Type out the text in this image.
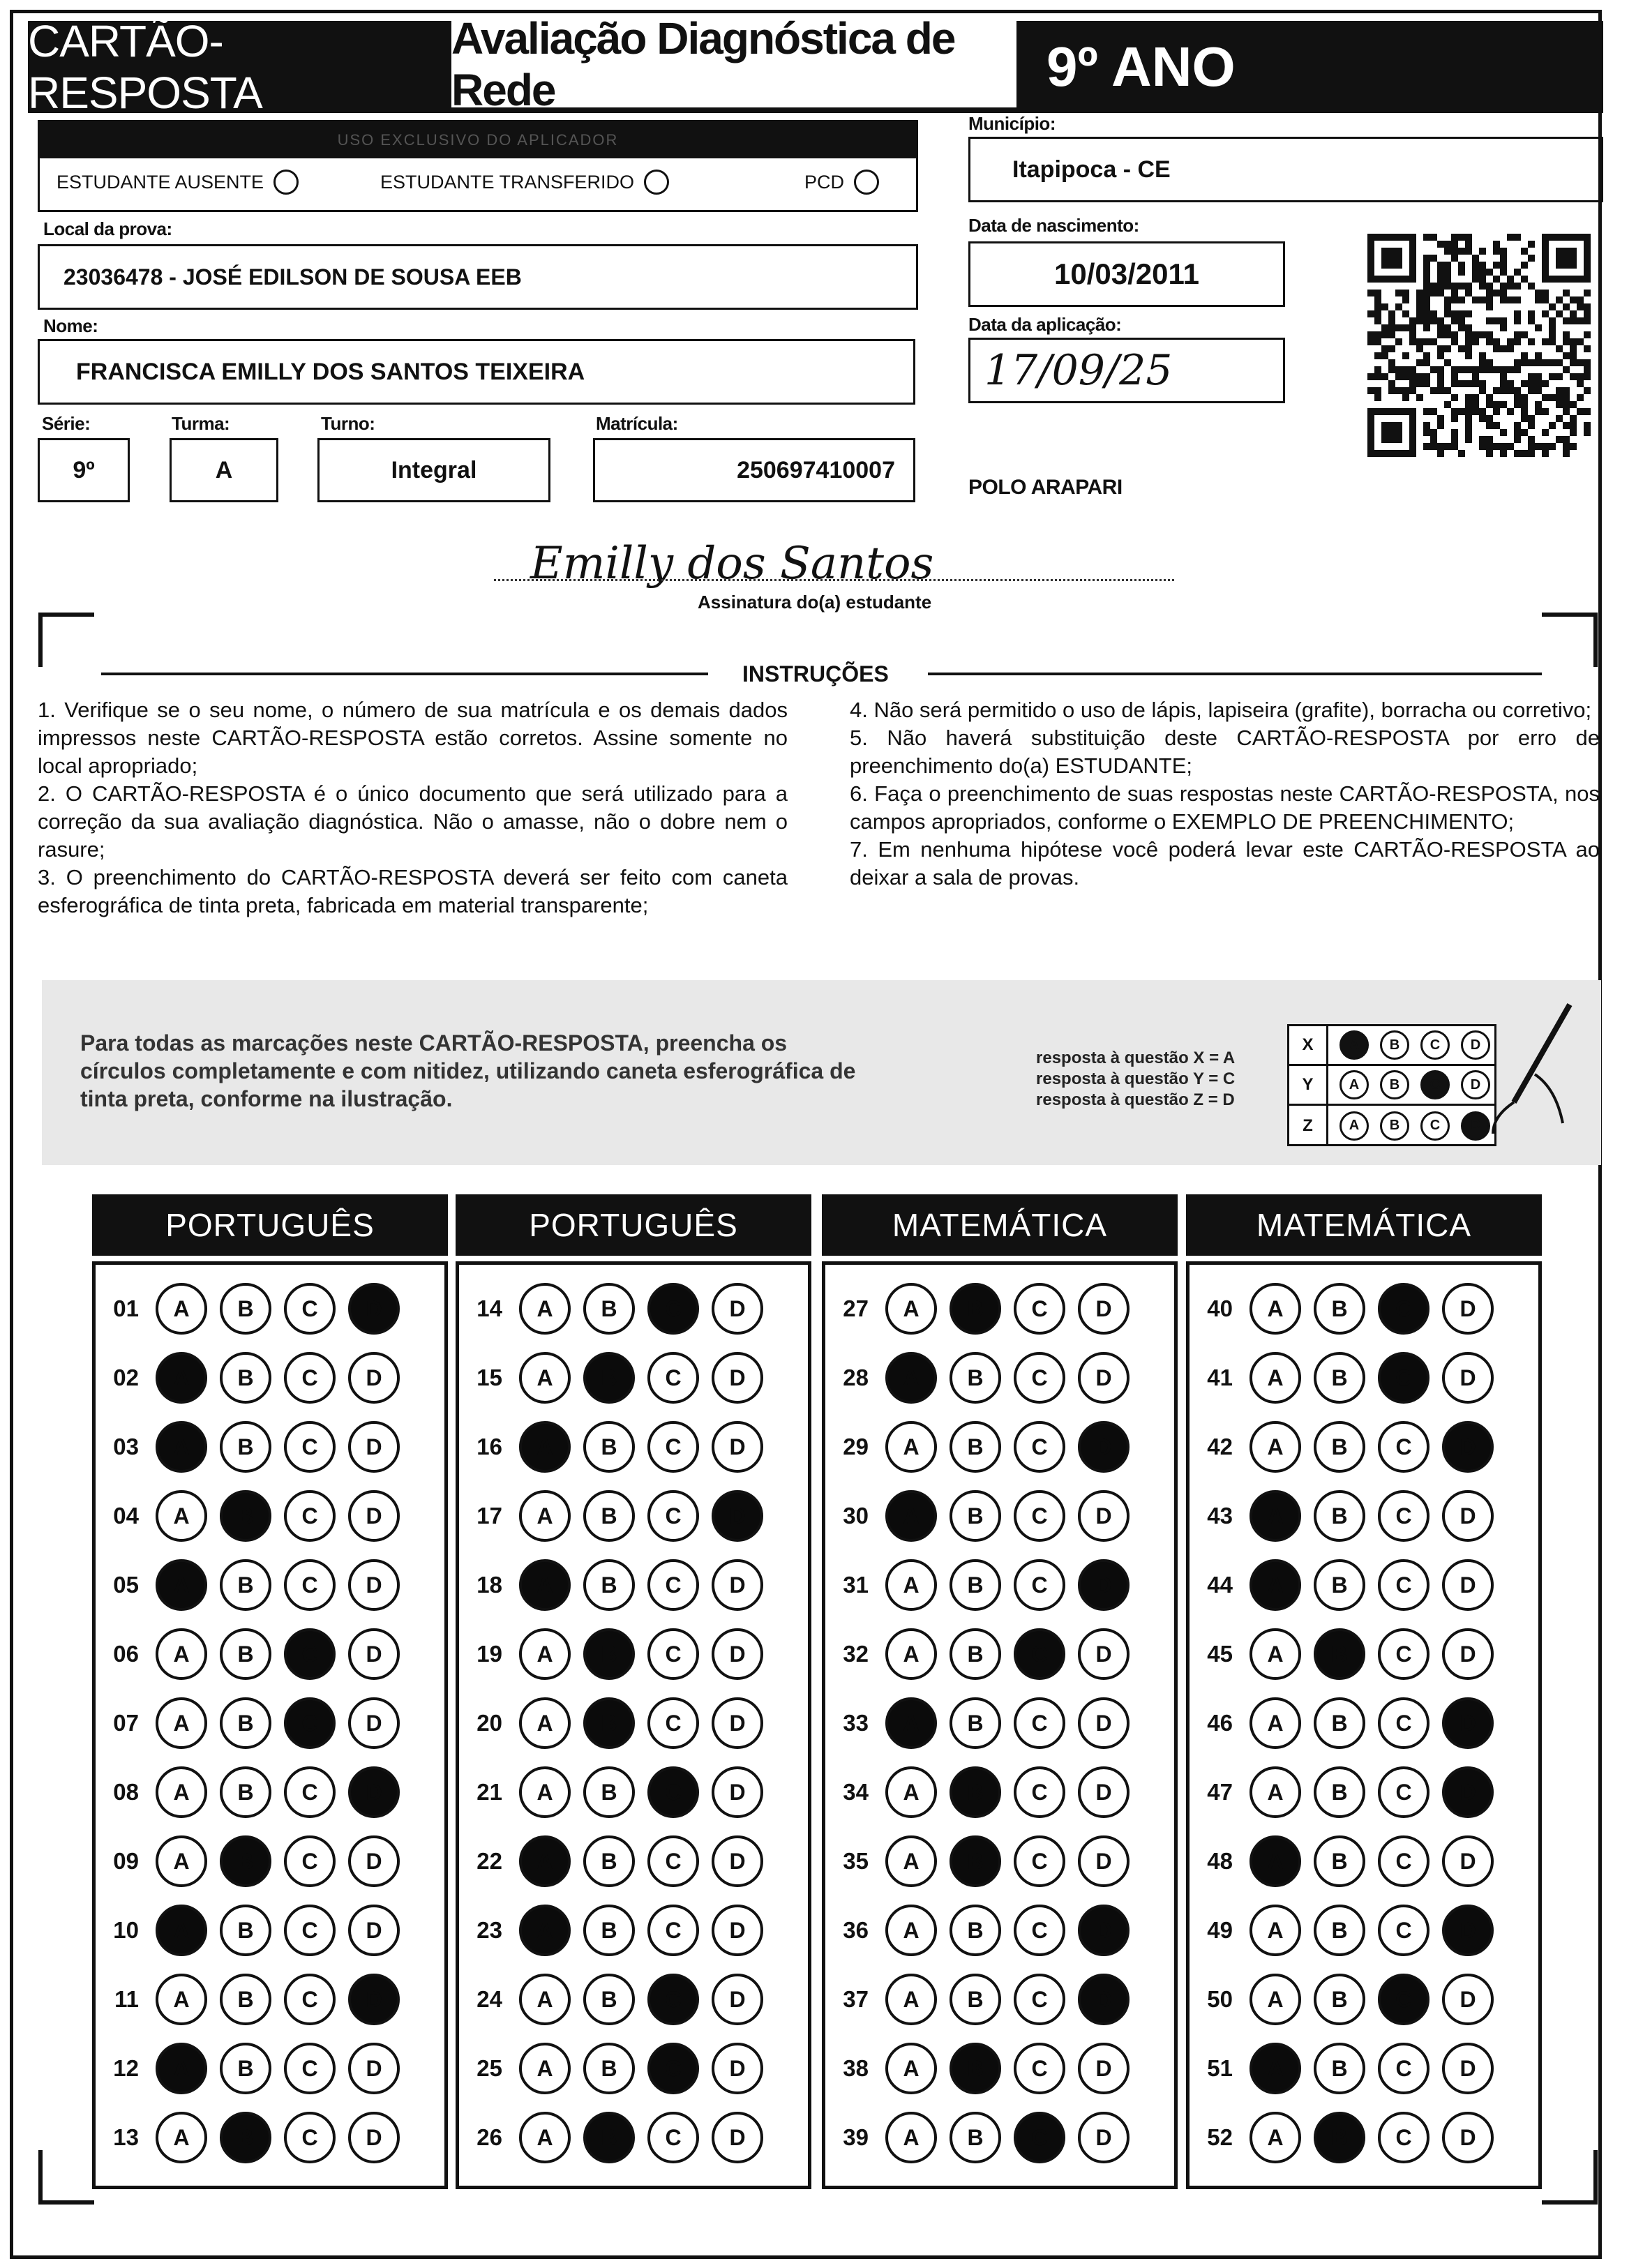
CARTÃO-RESPOSTA
Avaliação Diagnóstica de Rede	9º ANO
USO EXCLUSIVO DO APLICADOR
ESTUDANTE AUSENTE	ESTUDANTE TRANSFERIDO	PCD
Local da prova:
23036478 - JOSÉ EDILSON DE SOUSA EEB
Nome:
FRANCISCA EMILLY DOS SANTOS TEIXEIRA
Série:
9º
Turma:
A
Turno:
Integral
Matrícula:
250697410007
Município:
Itapipoca - CE
Data de nascimento:
10/03/2011
Data da aplicação:
17/09/25
POLO ARAPARI
Emilly dos Santos
Assinatura do(a) estudante
INSTRUÇÕES

1. Verifique se o seu nome, o número de sua matrícula e os demais dados impressos neste CARTÃO-RESPOSTA estão corretos. Assine somente no local apropriado;

2. O CARTÃO-RESPOSTA é o único documento que será utilizado para a correção da sua avaliação diagnóstica. Não o amasse, não o dobre nem o rasure;

3. O preenchimento do CARTÃO-RESPOSTA deverá ser feito com caneta esferográfica de tinta preta, fabricada em material transparente;

4. Não será permitido o uso de lápis, lapiseira (grafite), borracha ou corretivo;

5. Não haverá substituição deste CARTÃO-RESPOSTA por erro de preenchimento do(a) ESTUDANTE;

6. Faça o preenchimento de suas respostas neste CARTÃO-RESPOSTA, nos campos apropriados, conforme o EXEMPLO DE PREENCHIMENTO;

7. Em nenhuma hipótese você poderá levar este CARTÃO-RESPOSTA ao deixar a sala de provas.

Para todas as marcações neste CARTÃO-RESPOSTA, preencha os círculos completamente e com nitidez, utilizando caneta esferográfica de tinta preta, conforme na ilustração.
resposta à questão X = A
resposta à questão Y = C
resposta à questão Z = D
X	A	B	C	D
Y	A	B	C	D
Z	A	B	C	D
PORTUGUÊS
01	A	B	C	D
02	A	B	C	D
03	A	B	C	D
04	A	B	C	D
05	A	B	C	D
06	A	B	C	D
07	A	B	C	D
08	A	B	C	D
09	A	B	C	D
10	A	B	C	D
11	A	B	C	D
12	A	B	C	D
13	A	B	C	D
PORTUGUÊS
14	A	B	C	D
15	A	B	C	D
16	A	B	C	D
17	A	B	C	D
18	A	B	C	D
19	A	B	C	D
20	A	B	C	D
21	A	B	C	D
22	A	B	C	D
23	A	B	C	D
24	A	B	C	D
25	A	B	C	D
26	A	B	C	D
MATEMÁTICA
27	A	B	C	D
28	A	B	C	D
29	A	B	C	D
30	A	B	C	D
31	A	B	C	D
32	A	B	C	D
33	A	B	C	D
34	A	B	C	D
35	A	B	C	D
36	A	B	C	D
37	A	B	C	D
38	A	B	C	D
39	A	B	C	D
MATEMÁTICA
40	A	B	C	D
41	A	B	C	D
42	A	B	C	D
43	A	B	C	D
44	A	B	C	D
45	A	B	C	D
46	A	B	C	D
47	A	B	C	D
48	A	B	C	D
49	A	B	C	D
50	A	B	C	D
51	A	B	C	D
52	A	B	C	D
